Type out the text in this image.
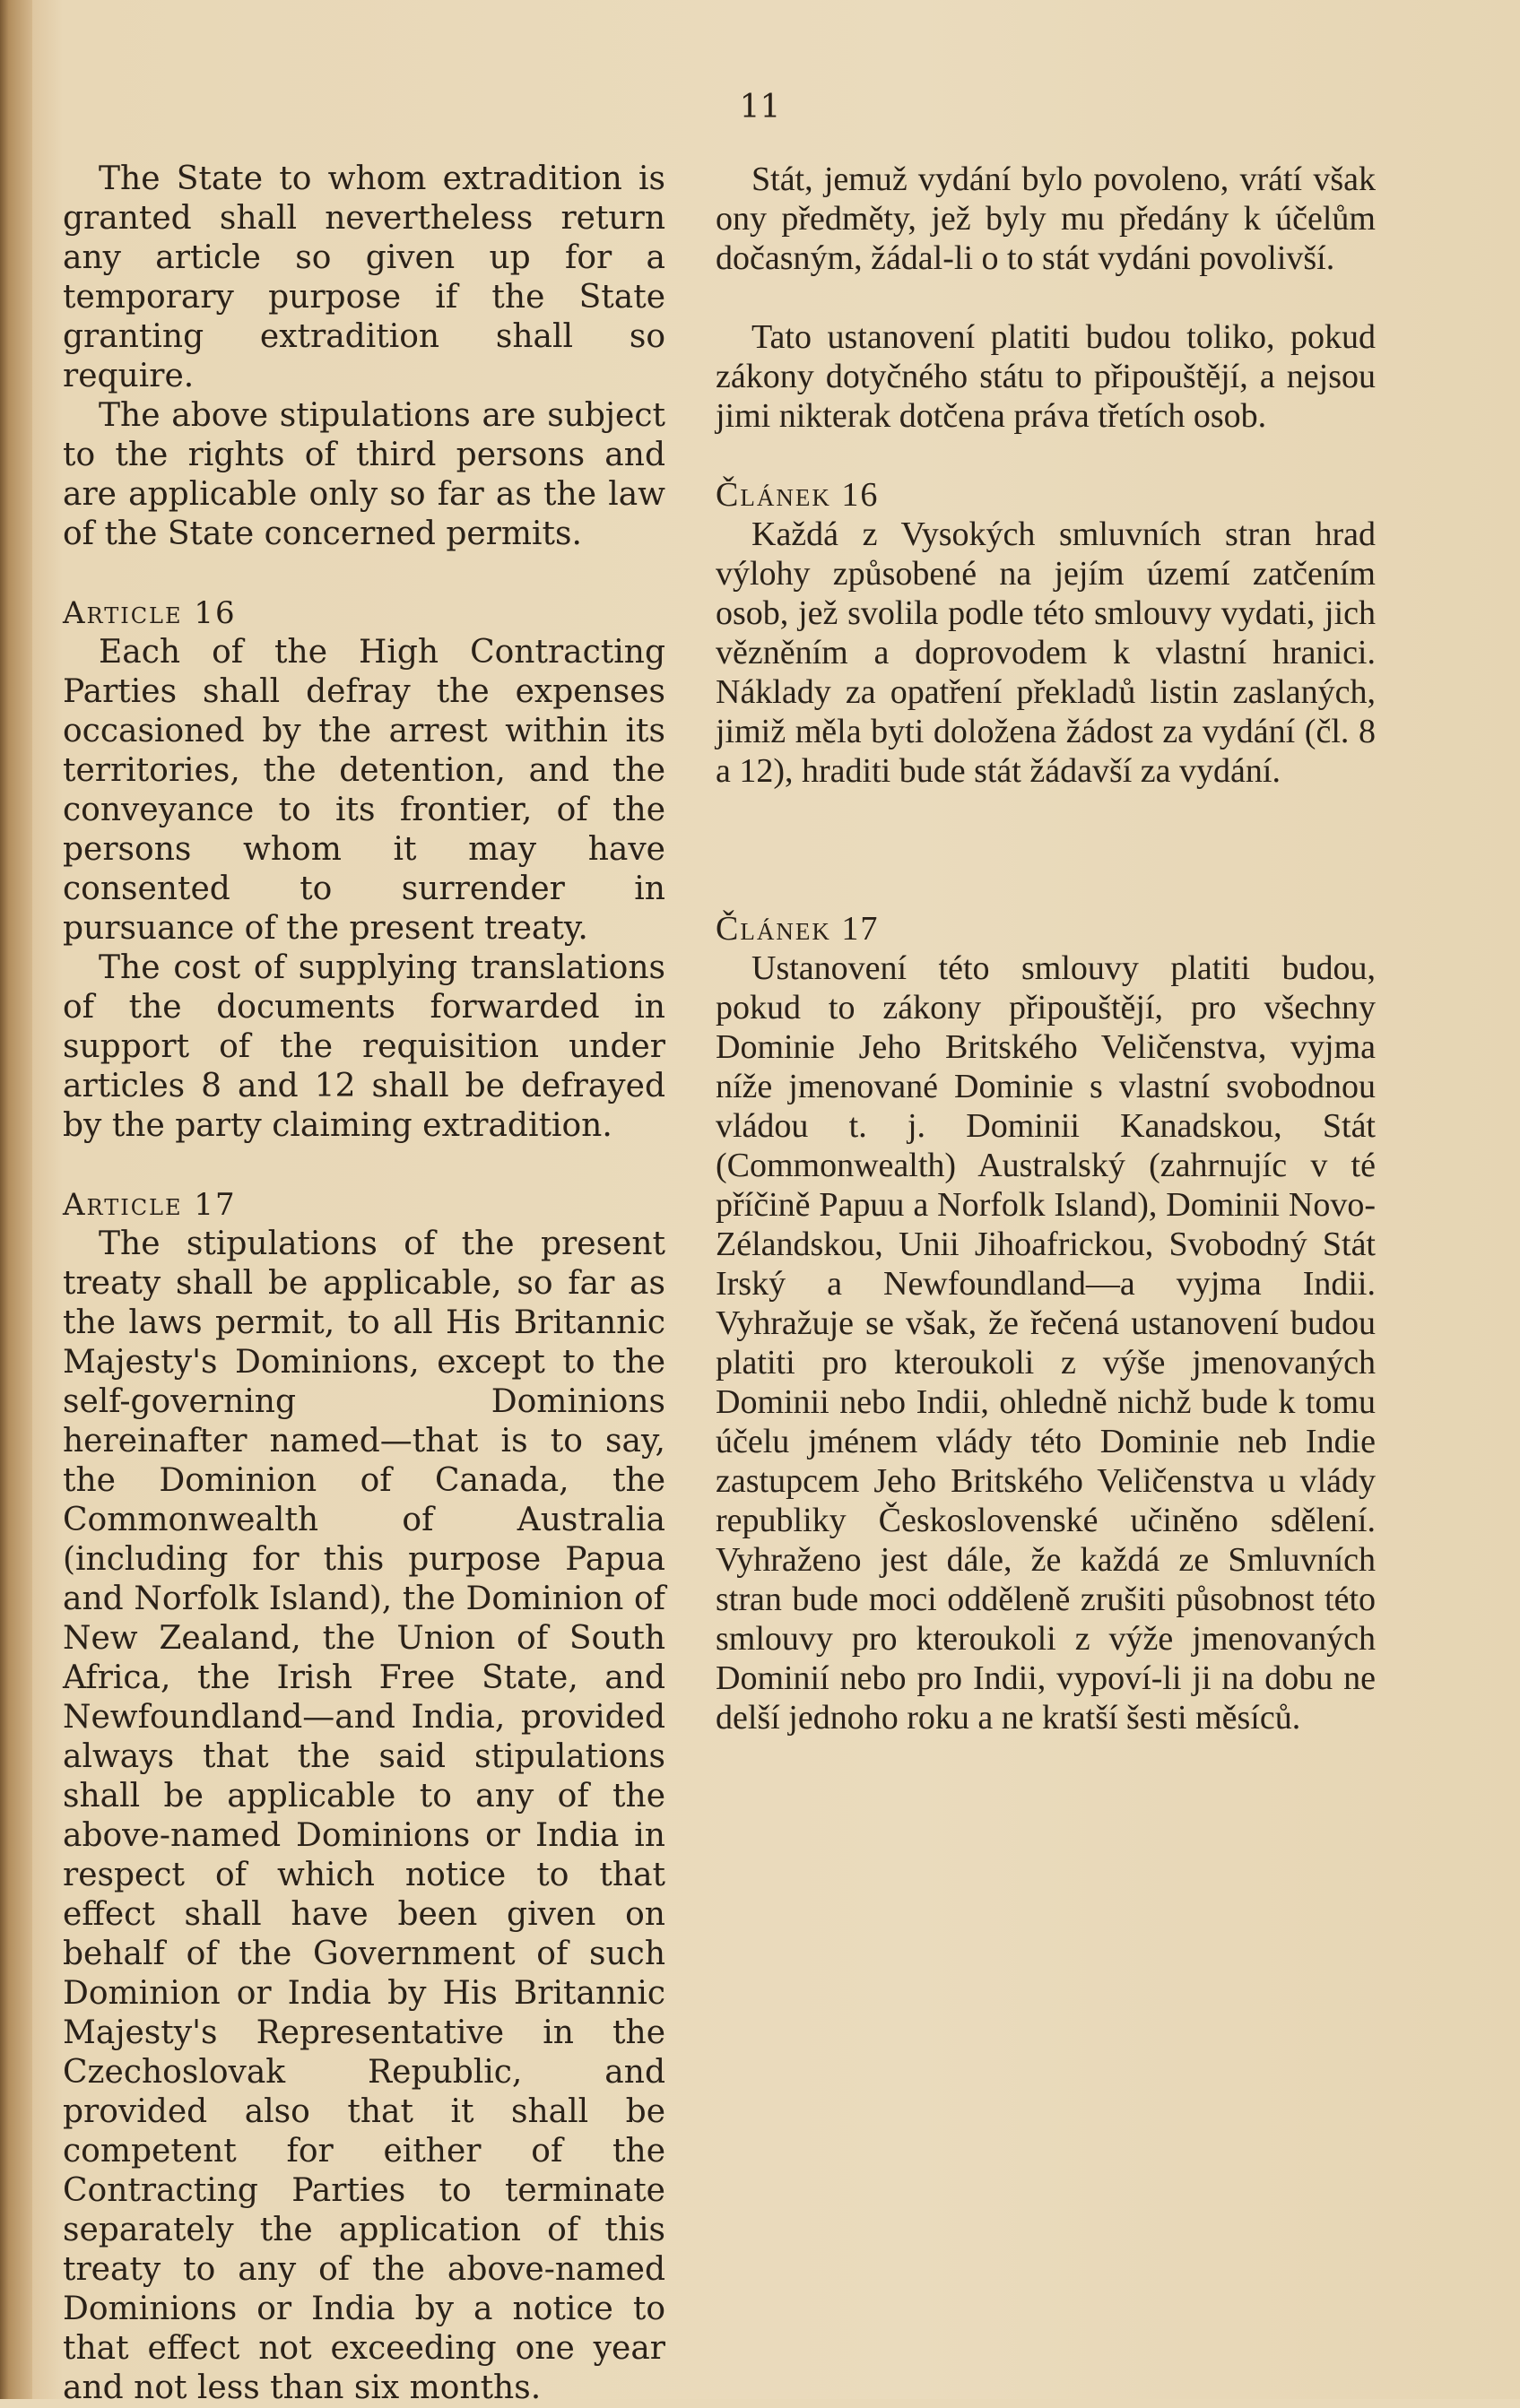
11

The State to whom extradition is granted shall nevertheless return any article so given up for a temporary purpose if the State granting extradition shall so require.

The above stipulations are subject to the rights of third persons and are applicable only so far as the law of the State concerned permits.

Article 16

Each of the High Contracting Parties shall defray the expenses occasioned by the arrest within its territories, the detention, and the conveyance to its frontier, of the persons whom it may have consented to surrender in pursuance of the present treaty.

The cost of supplying translations of the documents forwarded in support of the requisition under articles 8 and 12 shall be defrayed by the party claiming extradition.

Article 17

The stipulations of the present treaty shall be applicable, so far as the laws permit, to all His Britannic Majesty's Dominions, except to the self-governing Dominions hereinafter named—that is to say, the Dominion of Canada, the Commonwealth of Australia (including for this purpose Papua and Norfolk Island), the Dominion of New Zealand, the Union of South Africa, the Irish Free State, and Newfoundland—and India, provided always that the said stipulations shall be applicable to any of the above-named Dominions or India in respect of which notice to that effect shall have been given on behalf of the Government of such Dominion or India by His Britannic Majesty's Representative in the Czechoslovak Republic, and provided also that it shall be competent for either of the Contracting Parties to terminate separately the application of this treaty to any of the above-named Dominions or India by a notice to that effect not exceeding one year and not less than six months.

Stát, jemuž vydání bylo povoleno, vrátí však ony předměty, jež byly mu předány k účelům dočasným, žádal-li o to stát vydáni povolivší.

Tato ustanovení platiti budou toliko, pokud zákony dotyčného státu to připouštějí, a nejsou jimi nikterak dotčena práva třetích osob.

Článek 16

Každá z Vysokých smluvních stran hrad výlohy způsobené na jejím území zatčením osob, jež svolila podle této smlouvy vydati, jich vězněním a doprovodem k vlastní hranici. Náklady za opatření překladů listin zaslaných, jimiž měla byti doložena žádost za vydání (čl. 8 a 12), hraditi bude stát žádavší za vydání.

Článek 17

Ustanovení této smlouvy platiti budou, pokud to zákony připouštějí, pro všechny Dominie Jeho Britského Veličenstva, vyjma níže jmenované Dominie s vlastní svobodnou vládou t. j. Dominii Kanadskou, Stát (Commonwealth) Australský (zahrnujíc v té příčině Papuu a Norfolk Island), Dominii Novo-Zélandskou, Unii Jihoafrickou, Svobodný Stát Irský a Newfoundland—a vyjma Indii. Vyhražuje se však, že řečená ustanovení budou platiti pro kteroukoli z výše jmenovaných Dominii nebo Indii, ohledně nichž bude k tomu účelu jménem vlády této Dominie neb Indie zastupcem Jeho Britského Veličenstva u vlády republiky Československé učiněno sdělení. Vyhraženo jest dále, že každá ze Smluvních stran bude moci odděleně zrušiti působnost této smlouvy pro kteroukoli z výže jmenovaných Dominií nebo pro Indii, vypoví-li ji na dobu ne delší jednoho roku a ne kratší šesti měsíců.
